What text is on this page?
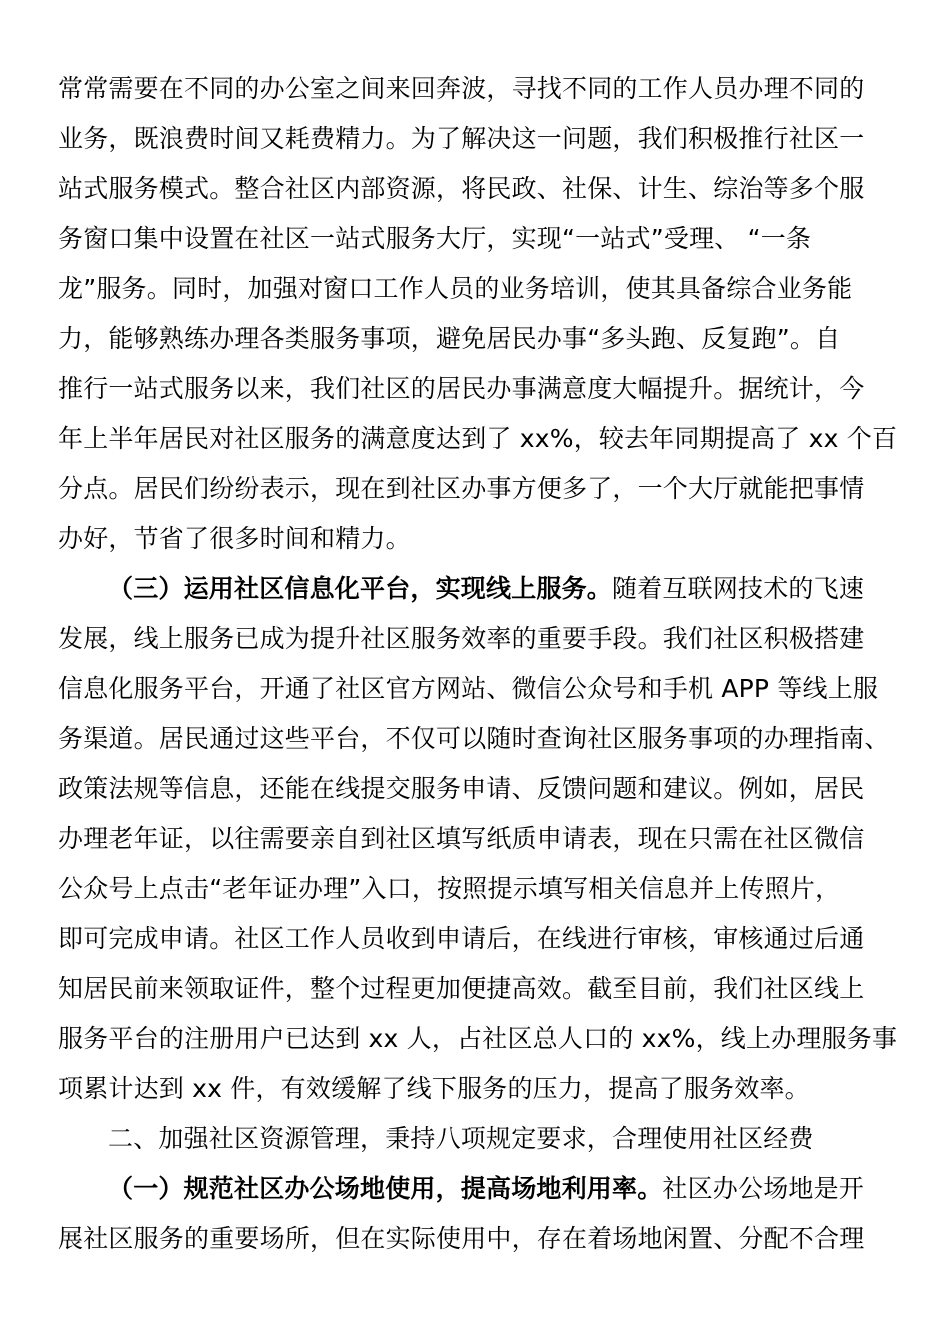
常常需要在不同的办公室之间来回奔波，寻找不同的工作人员办理不同的
业务，既浪费时间又耗费精力。为了解决这一问题，我们积极推行社区一
站式服务模式。整合社区内部资源，将民政、社保、计生、综治等多个服
务窗口集中设置在社区一站式服务大厅，实现“一站式”受理、 “一条
龙”服务。同时，加强对窗口工作人员的业务培训，使其具备综合业务能
力，能够熟练办理各类服务事项，避免居民办事“多头跑、反复跑”。自
推行一站式服务以来，我们社区的居民办事满意度大幅提升。据统计，今
年上半年居民对社区服务的满意度达到了 xx%，较去年同期提高了 xx 个百
分点。居民们纷纷表示，现在到社区办事方便多了，一个大厅就能把事情
办好，节省了很多时间和精力。
（三）运用社区信息化平台，实现线上服务。随着互联网技术的飞速
发展，线上服务已成为提升社区服务效率的重要手段。我们社区积极搭建
信息化服务平台，开通了社区官方网站、微信公众号和手机 APP 等线上服
务渠道。居民通过这些平台，不仅可以随时查询社区服务事项的办理指南、
政策法规等信息，还能在线提交服务申请、反馈问题和建议。例如，居民
办理老年证，以往需要亲自到社区填写纸质申请表，现在只需在社区微信
公众号上点击“老年证办理”入口，按照提示填写相关信息并上传照片，
即可完成申请。社区工作人员收到申请后，在线进行审核，审核通过后通
知居民前来领取证件，整个过程更加便捷高效。截至目前，我们社区线上
服务平台的注册用户已达到 xx 人，占社区总人口的 xx%，线上办理服务事
项累计达到 xx 件，有效缓解了线下服务的压力，提高了服务效率。
二、加强社区资源管理，秉持八项规定要求，合理使用社区经费
（一）规范社区办公场地使用，提高场地利用率。社区办公场地是开
展社区服务的重要场所，但在实际使用中，存在着场地闲置、分配不合理
